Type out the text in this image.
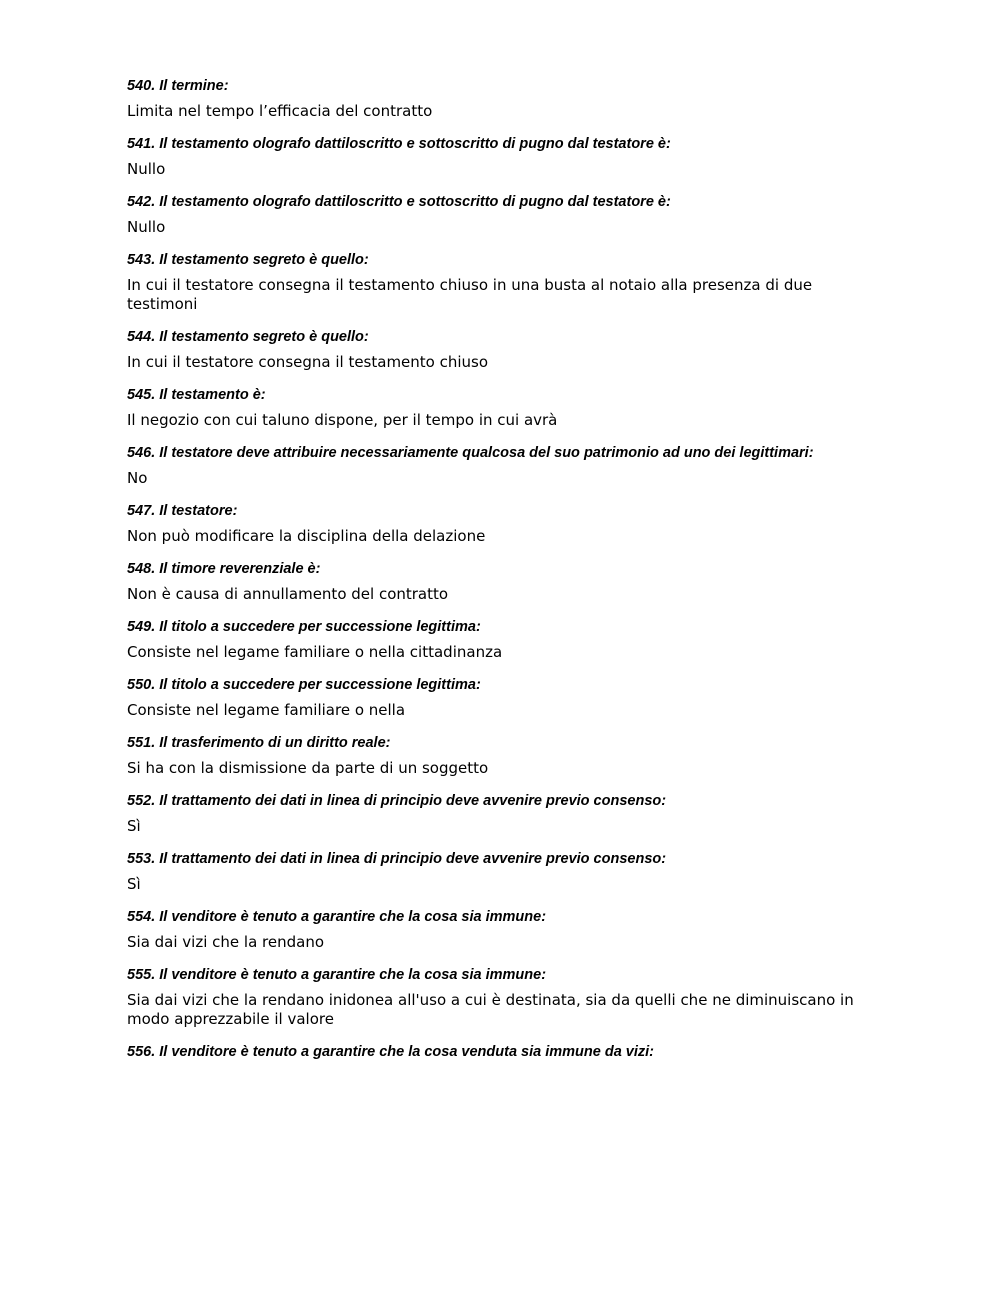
540. Il termine:
Limita nel tempo l’efficacia del contratto
541. Il testamento olografo dattiloscritto e sottoscritto di pugno dal testatore è:
Nullo
542. Il testamento olografo dattiloscritto e sottoscritto di pugno dal testatore è:
Nullo
543. Il testamento segreto è quello:
In cui il testatore consegna il testamento chiuso in una busta al notaio alla presenza di due testimoni
544. Il testamento segreto è quello:
In cui il testatore consegna il testamento chiuso
545. Il testamento è:
Il negozio con cui taluno dispone, per il tempo in cui avrà
546. Il testatore deve attribuire necessariamente qualcosa del suo patrimonio ad uno dei legittimari:
No
547. Il testatore:
Non può modificare la disciplina della delazione
548. Il timore reverenziale è:
Non è causa di annullamento del contratto
549. Il titolo a succedere per successione legittima:
Consiste nel legame familiare o nella cittadinanza
550. Il titolo a succedere per successione legittima:
Consiste nel legame familiare o nella
551. Il trasferimento di un diritto reale:
Si ha con la dismissione da parte di un soggetto
552. Il trattamento dei dati in linea di principio deve avvenire previo consenso:
Sì
553. Il trattamento dei dati in linea di principio deve avvenire previo consenso:
Sì
554. Il venditore è tenuto a garantire che la cosa sia immune:
Sia dai vizi che la rendano
555. Il venditore è tenuto a garantire che la cosa sia immune:
Sia dai vizi che la rendano inidonea all'uso a cui è destinata, sia da quelli che ne diminuiscano in modo apprezzabile il valore
556. Il venditore è tenuto a garantire che la cosa venduta sia immune da vizi:
